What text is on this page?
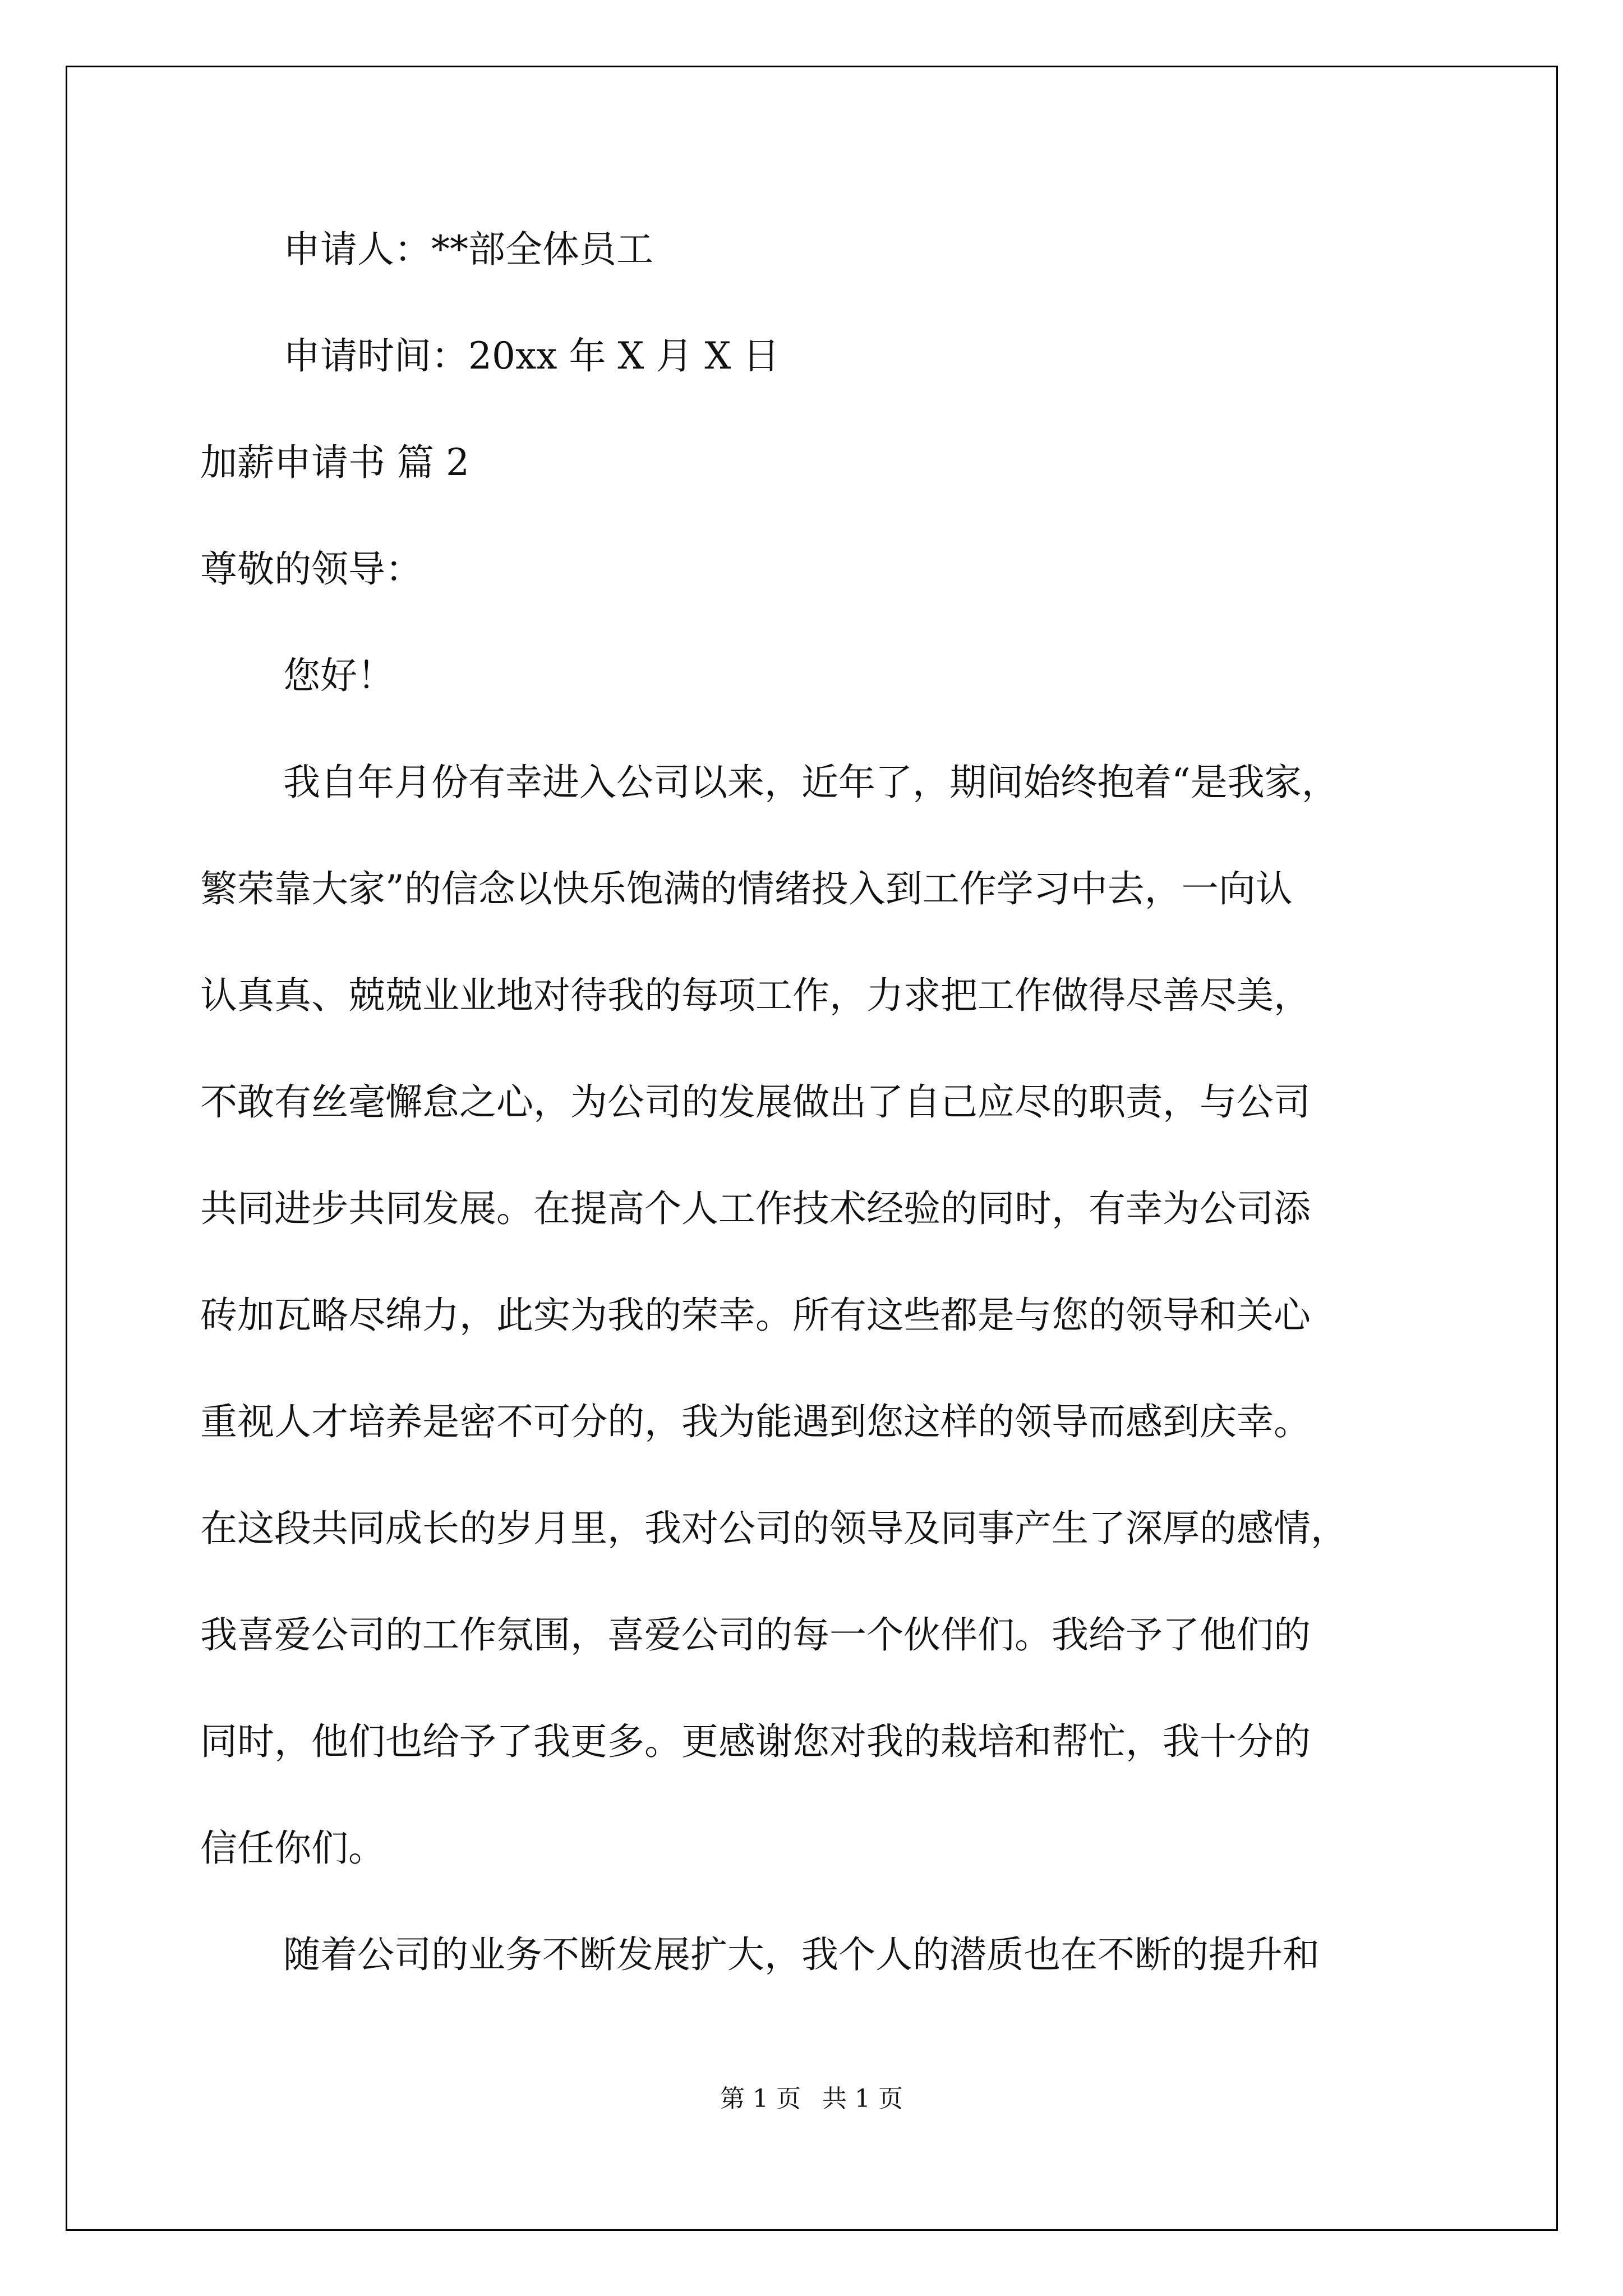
申请人：**部全体员工
申请时间：20xx 年 X 月 X 日
加薪申请书 篇 2
尊敬的领导：
您好！
我自年月份有幸进入公司以来，近年了，期间始终抱着“是我家，
繁荣靠大家”的信念以快乐饱满的情绪投入到工作学习中去，一向认
认真真、兢兢业业地对待我的每项工作，力求把工作做得尽善尽美，
不敢有丝毫懈怠之心，为公司的发展做出了自己应尽的职责，与公司
共同进步共同发展。在提高个人工作技术经验的同时，有幸为公司添
砖加瓦略尽绵力，此实为我的荣幸。所有这些都是与您的领导和关心
重视人才培养是密不可分的，我为能遇到您这样的领导而感到庆幸。
在这段共同成长的岁月里，我对公司的领导及同事产生了深厚的感情，
我喜爱公司的工作氛围，喜爱公司的每一个伙伴们。我给予了他们的
同时，他们也给予了我更多。更感谢您对我的栽培和帮忙，我十分的
信任你们。
随着公司的业务不断发展扩大，我个人的潜质也在不断的提升和
第 1 页 共 1 页
